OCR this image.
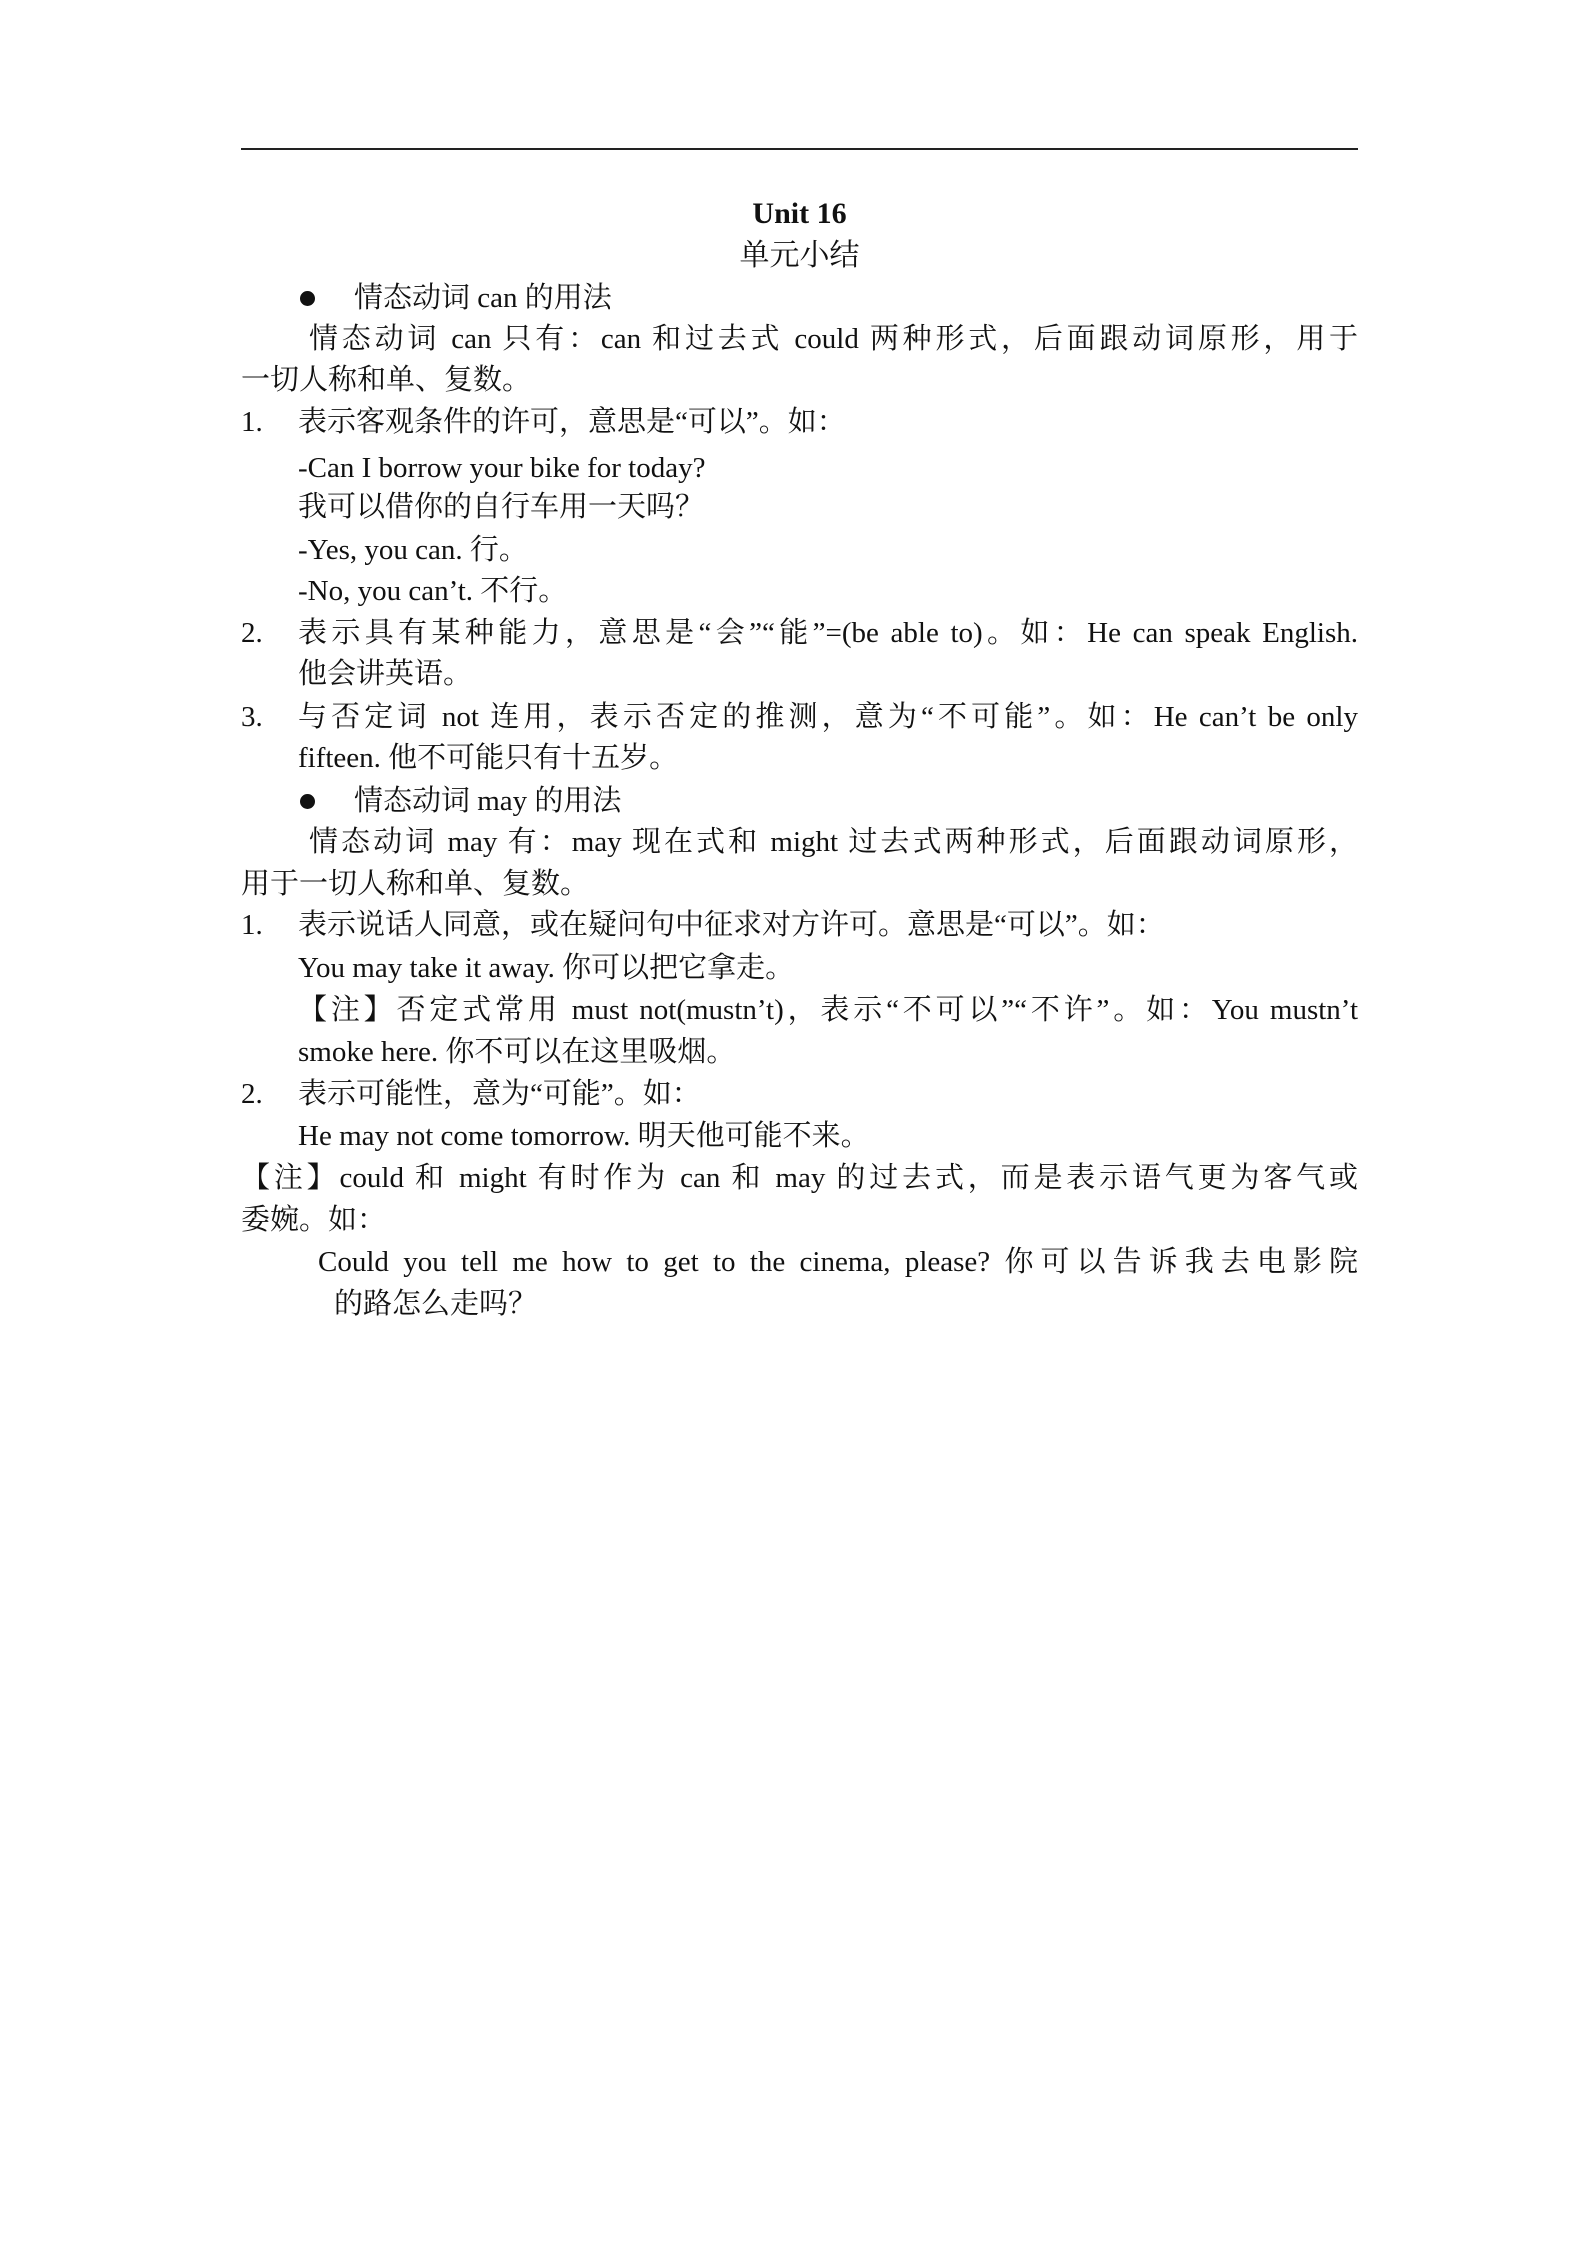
Unit 16
单元小结
情态动词 can 的用法
情态动词 can 只有：can 和过去式 could 两种形式，后面跟动词原形，用于
一切人称和单、复数。
1. 表示客观条件的许可，意思是“可以”。如：
-Can I borrow your bike for today?
我可以借你的自行车用一天吗？
-Yes, you can. 行。
-No, you can’t. 不行。
2. 表示具有某种能力，意思是“会”“能”=(be able to)。如：He can speak English.
他会讲英语。
3. 与否定词 not 连用，表示否定的推测，意为“不可能”。如：He can’t be only
fifteen. 他不可能只有十五岁。
情态动词 may 的用法
情态动词 may 有：may 现在式和 might 过去式两种形式，后面跟动词原形，
用于一切人称和单、复数。
1. 表示说话人同意，或在疑问句中征求对方许可。意思是“可以”。如：
You may take it away. 你可以把它拿走。
【注】否定式常用 must not(mustn’t)，表示“不可以”“不许”。如：You mustn’t
smoke here. 你不可以在这里吸烟。
2. 表示可能性，意为“可能”。如：
He may not come tomorrow. 明天他可能不来。
【注】could 和 might 有时作为 can 和 may 的过去式，而是表示语气更为客气或
委婉。如：
Could you tell me how to get to the cinema, please? 你可以告诉我去电影院
的路怎么走吗？
